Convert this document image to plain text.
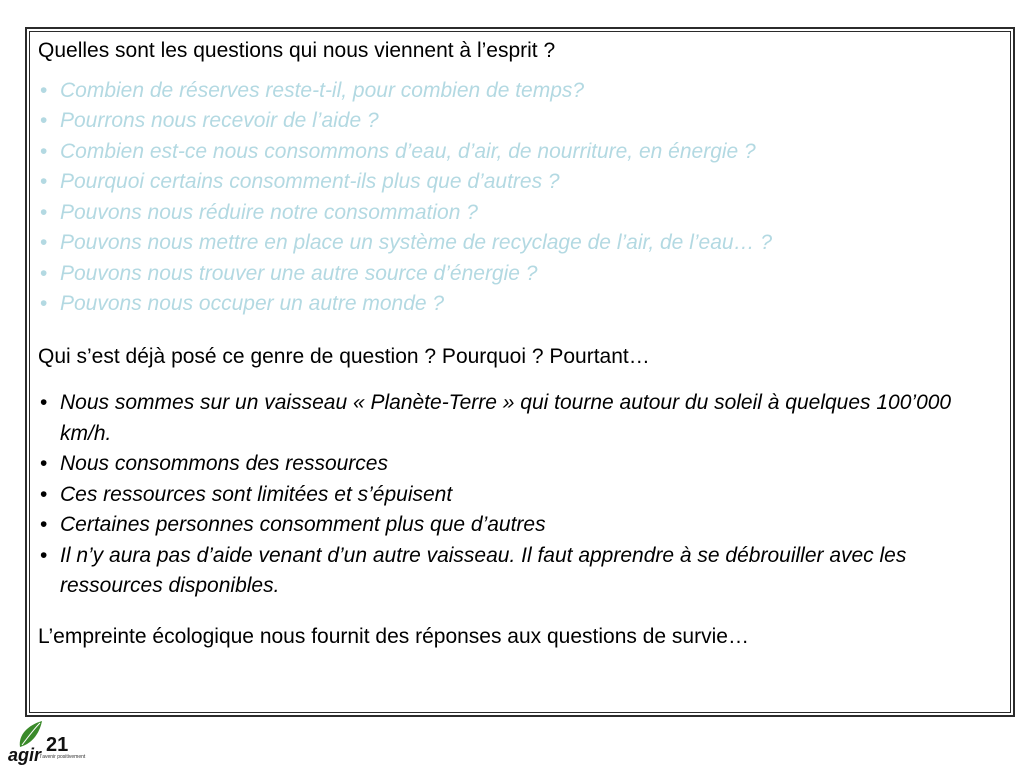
Quelles sont les questions qui nous viennent à l’esprit ?

• Combien de réserves reste-t-il, pour combien de temps?
• Pourrons nous recevoir de l’aide ?
• Combien est-ce nous consommons d’eau, d’air, de nourriture, en énergie ?
• Pourquoi certains consomment-ils plus que d’autres ?
• Pouvons nous réduire notre consommation ?
• Pouvons nous mettre en place un système de recyclage de l’air, de l’eau… ?
• Pouvons nous trouver une autre source d’énergie ?
• Pouvons nous occuper un autre monde ?

Qui s’est déjà posé ce genre de question ? Pourquoi ? Pourtant…

• Nous sommes sur un vaisseau « Planète-Terre » qui tourne autour du soleil à quelques 100’000 km/h.
• Nous consommons des ressources
• Ces ressources sont limitées et s’épuisent
• Certaines personnes consomment plus que d’autres
• Il n’y aura pas d’aide venant d’un autre vaisseau. Il faut apprendre à se débrouiller avec les ressources disponibles.

L’empreinte écologique nous fournit des réponses aux questions de survie…

agir 21
l’avenir positivement
